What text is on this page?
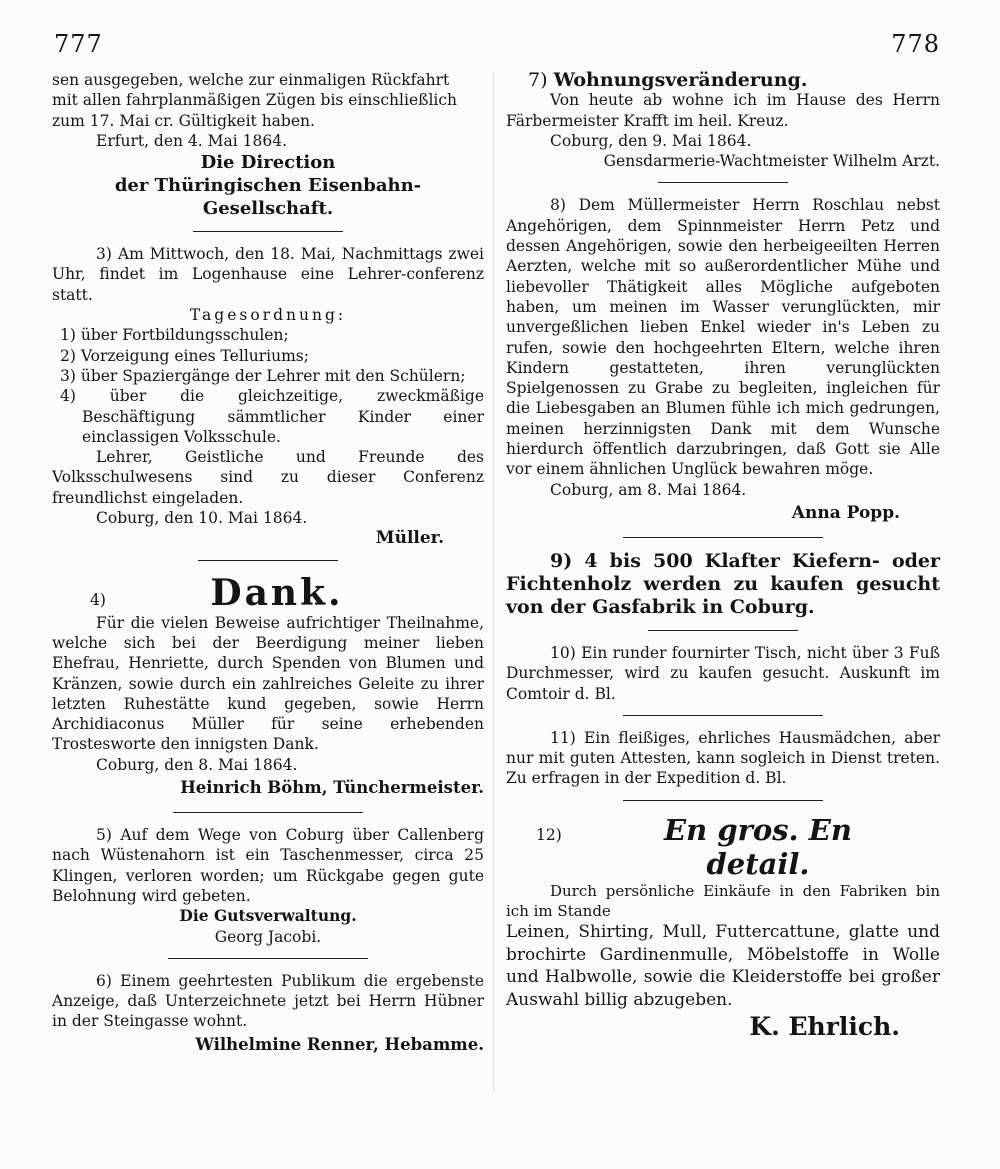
777	778

sen ausgegeben, welche zur einmaligen Rückfahrt

mit allen fahrplanmäßigen Zügen bis einschließlich

zum 17. Mai cr. Gültigkeit haben.

Erfurt, den 4. Mai 1864.

Die Direction

der Thüringischen Eisenbahn-

Gesellschaft.

3) Am Mittwoch, den 18. Mai, Nachmittags zwei Uhr, findet im Logenhause eine Lehrer-conferenz statt.

Tagesordnung:

1) über Fortbildungsschulen;

2) Vorzeigung eines Telluriums;

3) über Spaziergänge der Lehrer mit den Schülern;

4) über die gleichzeitige, zweckmäßige Beschäftigung sämmtlicher Kinder einer einclassigen Volksschule.

Lehrer, Geistliche und Freunde des Volksschulwesens sind zu dieser Conferenz freundlichst eingeladen.

Coburg, den 10. Mai 1864.

Müller.

4)	Dank.

Für die vielen Beweise aufrichtiger Theilnahme, welche sich bei der Beerdigung meiner lieben Ehefrau, Henriette, durch Spenden von Blumen und Kränzen, sowie durch ein zahlreiches Geleite zu ihrer letzten Ruhestätte kund gegeben, sowie Herrn Archidiaconus Müller für seine erhebenden Trostesworte den innigsten Dank.

Coburg, den 8. Mai 1864.

Heinrich Böhm, Tünchermeister.

5) Auf dem Wege von Coburg über Callenberg nach Wüstenahorn ist ein Taschenmesser, circa 25 Klingen, verloren worden; um Rückgabe gegen gute Belohnung wird gebeten.

Die Gutsverwaltung.

Georg Jacobi.

6) Einem geehrtesten Publikum die ergebenste Anzeige, daß Unterzeichnete jetzt bei Herrn Hübner in der Steingasse wohnt.

Wilhelmine Renner, Hebamme.

7) Wohnungsveränderung.

Von heute ab wohne ich im Hause des Herrn Färbermeister Krafft im heil. Kreuz.

Coburg, den 9. Mai 1864.

Gensdarmerie-Wachtmeister Wilhelm Arzt.

8) Dem Müllermeister Herrn Roschlau nebst Angehörigen, dem Spinnmeister Herrn Petz und dessen Angehörigen, sowie den herbeigeeilten Herren Aerzten, welche mit so außerordentlicher Mühe und liebevoller Thätigkeit alles Mögliche aufgeboten haben, um meinen im Wasser verunglückten, mir unvergeßlichen lieben Enkel wieder in's Leben zu rufen, sowie den hochgeehrten Eltern, welche ihren Kindern gestatteten, ihren verunglückten Spielgenossen zu Grabe zu begleiten, ingleichen für die Liebesgaben an Blumen fühle ich mich gedrungen, meinen herzinnigsten Dank mit dem Wunsche hierdurch öffentlich darzubringen, daß Gott sie Alle vor einem ähnlichen Unglück bewahren möge.

Coburg, am 8. Mai 1864.

Anna Popp.

9) 4 bis 500 Klafter Kiefern- oder Fichtenholz werden zu kaufen gesucht von der Gasfabrik in Coburg.

10) Ein runder fournirter Tisch, nicht über 3 Fuß Durchmesser, wird zu kaufen gesucht. Auskunft im Comtoir d. Bl.

11) Ein fleißiges, ehrliches Hausmädchen, aber nur mit guten Attesten, kann sogleich in Dienst treten. Zu erfragen in der Expedition d. Bl.

12)	En gros. En detail.

Durch persönliche Einkäufe in den Fabriken bin ich im Stande

Leinen, Shirting, Mull, Futtercattune, glatte und brochirte Gardinenmulle, Möbelstoffe in Wolle und Halbwolle, sowie die Kleiderstoffe bei großer Auswahl billig abzugeben.

K. Ehrlich.
